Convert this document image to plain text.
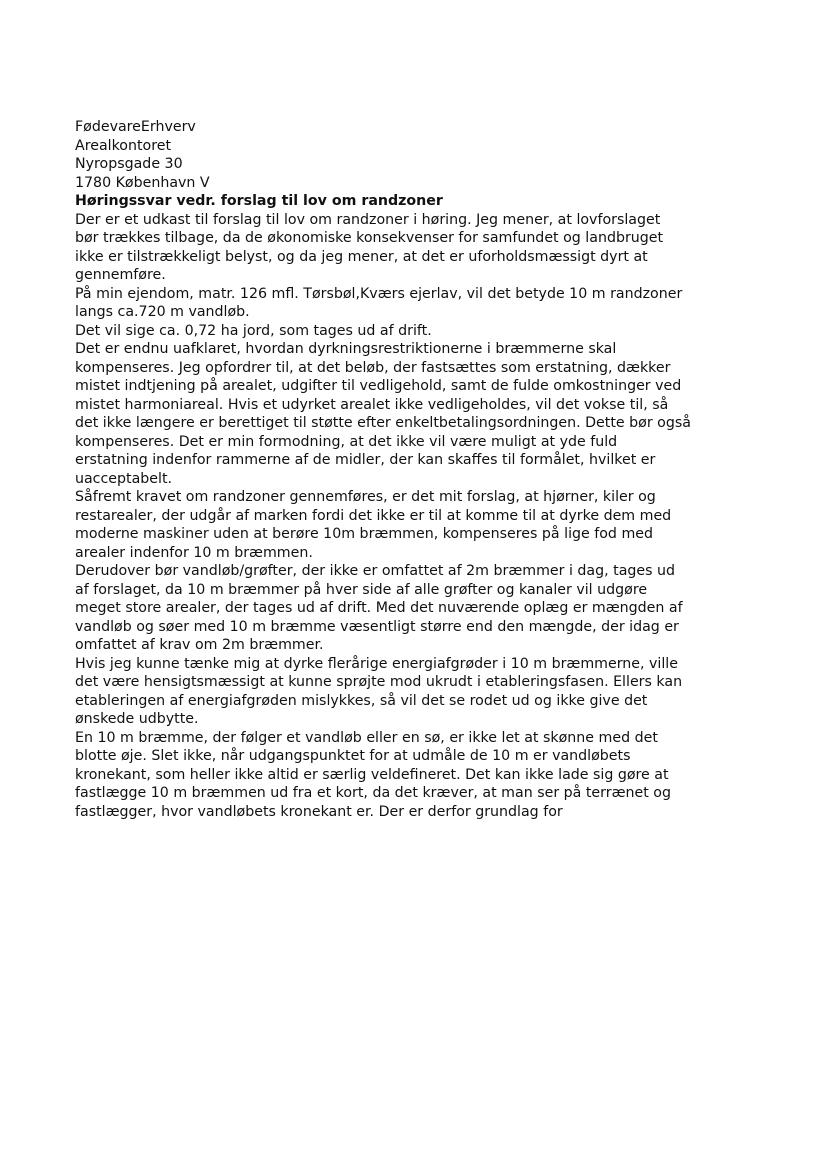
FødevareErhverv
Arealkontoret
Nyropsgade 30
1780 København V
Høringssvar vedr. forslag til lov om randzoner
Der er et udkast til forslag til lov om randzoner i høring. Jeg mener, at lovforslaget
bør trækkes tilbage, da de økonomiske konsekvenser for samfundet og landbruget
ikke er tilstrækkeligt belyst, og da jeg mener, at det er uforholdsmæssigt dyrt at
gennemføre.
På min ejendom, matr. 126 mfl. Tørsbøl,Kværs ejerlav, vil det betyde 10 m randzoner
langs ca.720 m vandløb.
Det vil sige ca. 0,72 ha jord, som tages ud af drift.
Det er endnu uafklaret, hvordan dyrkningsrestriktionerne i bræmmerne skal
kompenseres. Jeg opfordrer til, at det beløb, der fastsættes som erstatning, dækker
mistet indtjening på arealet, udgifter til vedligehold, samt de fulde omkostninger ved
mistet harmoniareal. Hvis et udyrket arealet ikke vedligeholdes, vil det vokse til, så
det ikke længere er berettiget til støtte efter enkeltbetalingsordningen. Dette bør også
kompenseres. Det er min formodning, at det ikke vil være muligt at yde fuld
erstatning indenfor rammerne af de midler, der kan skaffes til formålet, hvilket er
uacceptabelt.
Såfremt kravet om randzoner gennemføres, er det mit forslag, at hjørner, kiler og
restarealer, der udgår af marken fordi det ikke er til at komme til at dyrke dem med
moderne maskiner uden at berøre 10m bræmmen, kompenseres på lige fod med
arealer indenfor 10 m bræmmen.
Derudover bør vandløb/grøfter, der ikke er omfattet af 2m bræmmer i dag, tages ud
af forslaget, da 10 m bræmmer på hver side af alle grøfter og kanaler vil udgøre
meget store arealer, der tages ud af drift. Med det nuværende oplæg er mængden af
vandløb og søer med 10 m bræmme væsentligt større end den mængde, der idag er
omfattet af krav om 2m bræmmer.
Hvis jeg kunne tænke mig at dyrke flerårige energiafgrøder i 10 m bræmmerne, ville
det være hensigtsmæssigt at kunne sprøjte mod ukrudt i etableringsfasen. Ellers kan
etableringen af energiafgrøden mislykkes, så vil det se rodet ud og ikke give det
ønskede udbytte.
En 10 m bræmme, der følger et vandløb eller en sø, er ikke let at skønne med det
blotte øje. Slet ikke, når udgangspunktet for at udmåle de 10 m er vandløbets
kronekant, som heller ikke altid er særlig veldefineret. Det kan ikke lade sig gøre at
fastlægge 10 m bræmmen ud fra et kort, da det kræver, at man ser på terrænet og
fastlægger, hvor vandløbets kronekant er. Der er derfor grundlag for
